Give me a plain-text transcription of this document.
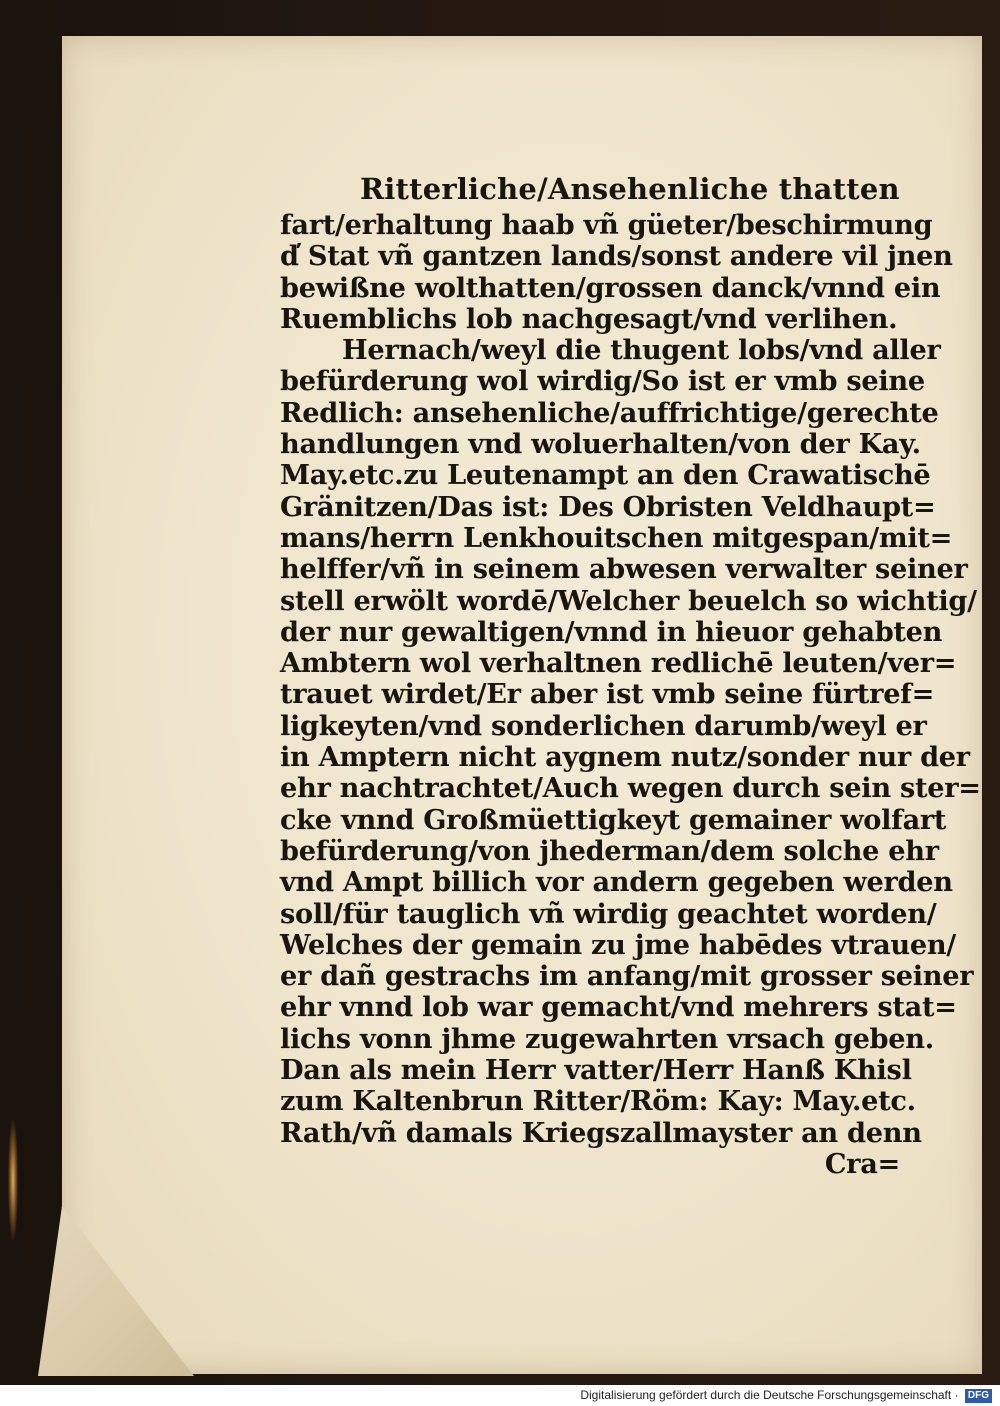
Ritterliche/Ansehenliche thatten
fart/erhaltung haab vñ güeter/beschirmung
d̕ Stat vñ gantzen lands/sonst andere vil jnen
bewißne wolthatten/grossen danck/vnnd ein
Ruemblichs lob nachgesagt/vnd verlihen.
Hernach/weyl die thugent lobs/vnd aller
befürderung wol wirdig/So ist er vmb seine
Redlich: ansehenliche/auffrichtige/gerechte
handlungen vnd woluerhalten/von der Kay.
May.etc.zu Leutenampt an den Crawatischē
Gränitzen/Das ist: Des Obristen Veldhaupt=
mans/herrn Lenkhouitschen mitgespan/mit=
helffer/vñ in seinem abwesen verwalter seiner
stell erwölt wordē/Welcher beuelch so wichtig/
der nur gewaltigen/vnnd in hieuor gehabten
Ambtern wol verhaltnen redlichē leuten/ver=
trauet wirdet/Er aber ist vmb seine fürtref=
ligkeyten/vnd sonderlichen darumb/weyl er
in Amptern nicht aygnem nutz/sonder nur der
ehr nachtrachtet/Auch wegen durch sein ster=
cke vnnd Großmüettigkeyt gemainer wolfart
befürderung/von jhederman/dem solche ehr
vnd Ampt billich vor andern gegeben werden
soll/für tauglich vñ wirdig geachtet worden/
Welches der gemain zu jme habēdes vtrauen/
er dañ gestrachs im anfang/mit grosser seiner
ehr vnnd lob war gemacht/vnd mehrers stat=
lichs vonn jhme zugewahrten vrsach geben.
Dan als mein Herr vatter/Herr Hanß Khisl
zum Kaltenbrun Ritter/Röm: Kay: May.etc.
Rath/vñ damals Kriegszallmayster an denn
Cra=
Digitalisierung gefördert durch die Deutsche Forschungsgemeinschaft · DFG
